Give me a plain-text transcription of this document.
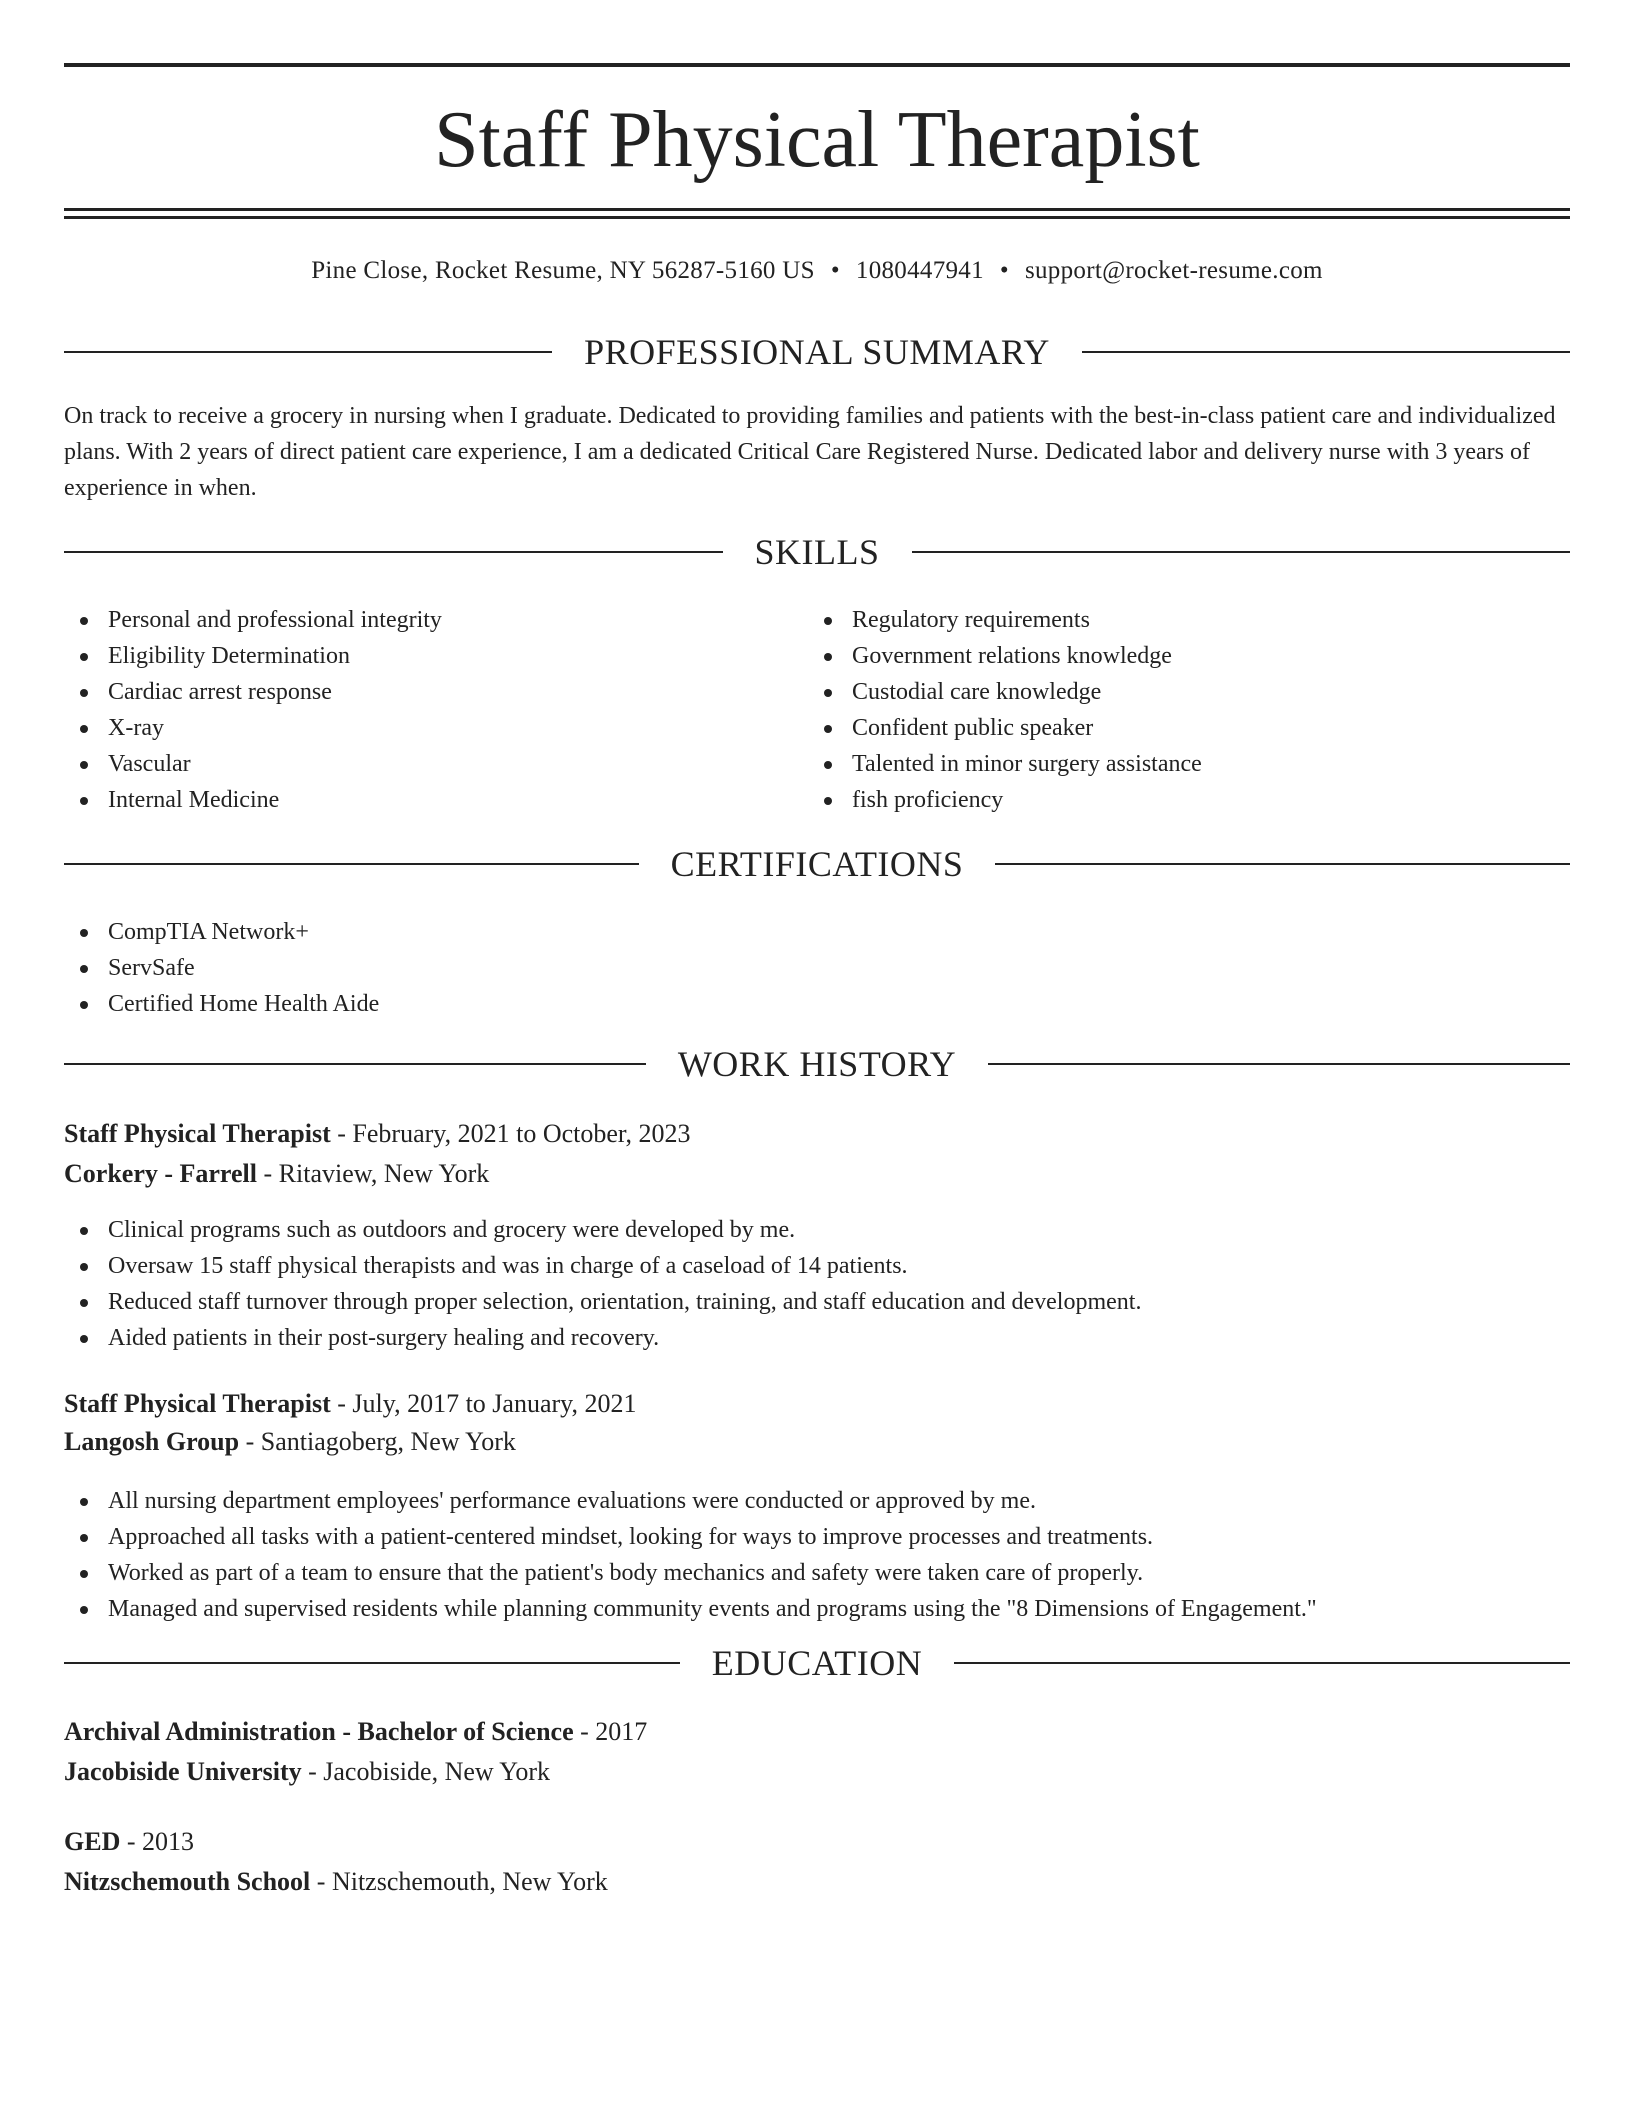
Staff Physical Therapist
Pine Close, Rocket Resume, NY 56287-5160 US • 1080447941 • support@rocket-resume.com
PROFESSIONAL SUMMARY

On track to receive a grocery in nursing when I graduate. Dedicated to providing families and patients with the best-in-class patient care and individualized plans. With 2 years of direct patient care experience, I am a dedicated Critical Care Registered Nurse. Dedicated labor and delivery nurse with 3 years of experience in when.

SKILLS
Personal and professional integrity
Eligibility Determination
Cardiac arrest response
X-ray
Vascular
Internal Medicine
Regulatory requirements
Government relations knowledge
Custodial care knowledge
Confident public speaker
Talented in minor surgery assistance
fish proficiency
CERTIFICATIONS
CompTIA Network+
ServSafe
Certified Home Health Aide
WORK HISTORY
Staff Physical Therapist - February, 2021 to October, 2023
Corkery - Farrell - Ritaview, New York
Clinical programs such as outdoors and grocery were developed by me.
Oversaw 15 staff physical therapists and was in charge of a caseload of 14 patients.
Reduced staff turnover through proper selection, orientation, training, and staff education and development.
Aided patients in their post-surgery healing and recovery.
Staff Physical Therapist - July, 2017 to January, 2021
Langosh Group - Santiagoberg, New York
All nursing department employees' performance evaluations were conducted or approved by me.
Approached all tasks with a patient-centered mindset, looking for ways to improve processes and treatments.
Worked as part of a team to ensure that the patient's body mechanics and safety were taken care of properly.
Managed and supervised residents while planning community events and programs using the "8 Dimensions of Engagement."
EDUCATION
Archival Administration - Bachelor of Science - 2017
Jacobiside University - Jacobiside, New York
GED - 2013
Nitzschemouth School - Nitzschemouth, New York
